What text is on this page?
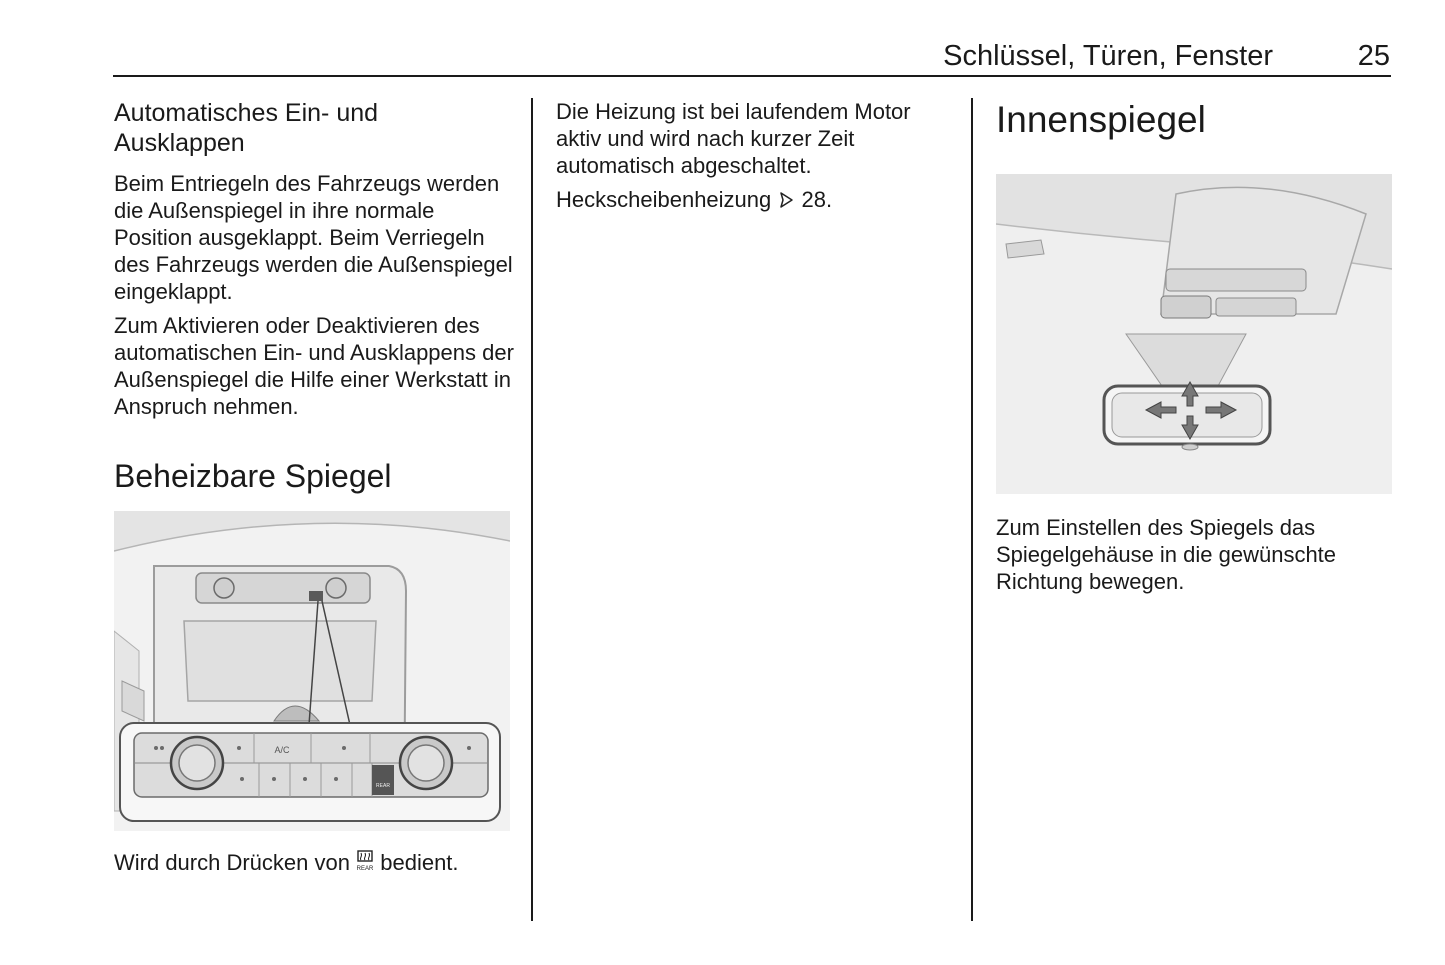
Schlüssel, Türen, Fenster	25
Automatisches Ein- und Ausklappen

Beim Entriegeln des Fahrzeugs werden die Außenspiegel in ihre normale Position ausgeklappt. Beim Verriegeln des Fahrzeugs werden die Außenspiegel eingeklappt.

Zum Aktivieren oder Deaktivieren des automatischen Ein- und Ausklappens der Außenspiegel die Hilfe einer Werkstatt in Anspruch nehmen.

Beheizbare Spiegel
A/C
REAR

Wird durch Drücken von REAR bedient.

Die Heizung ist bei laufendem Motor aktiv und wird nach kurzer Zeit automatisch abgeschaltet.

Heckscheibenheizung 28.

Innenspiegel

Zum Einstellen des Spiegels das Spiegelgehäuse in die gewünschte Richtung bewegen.
